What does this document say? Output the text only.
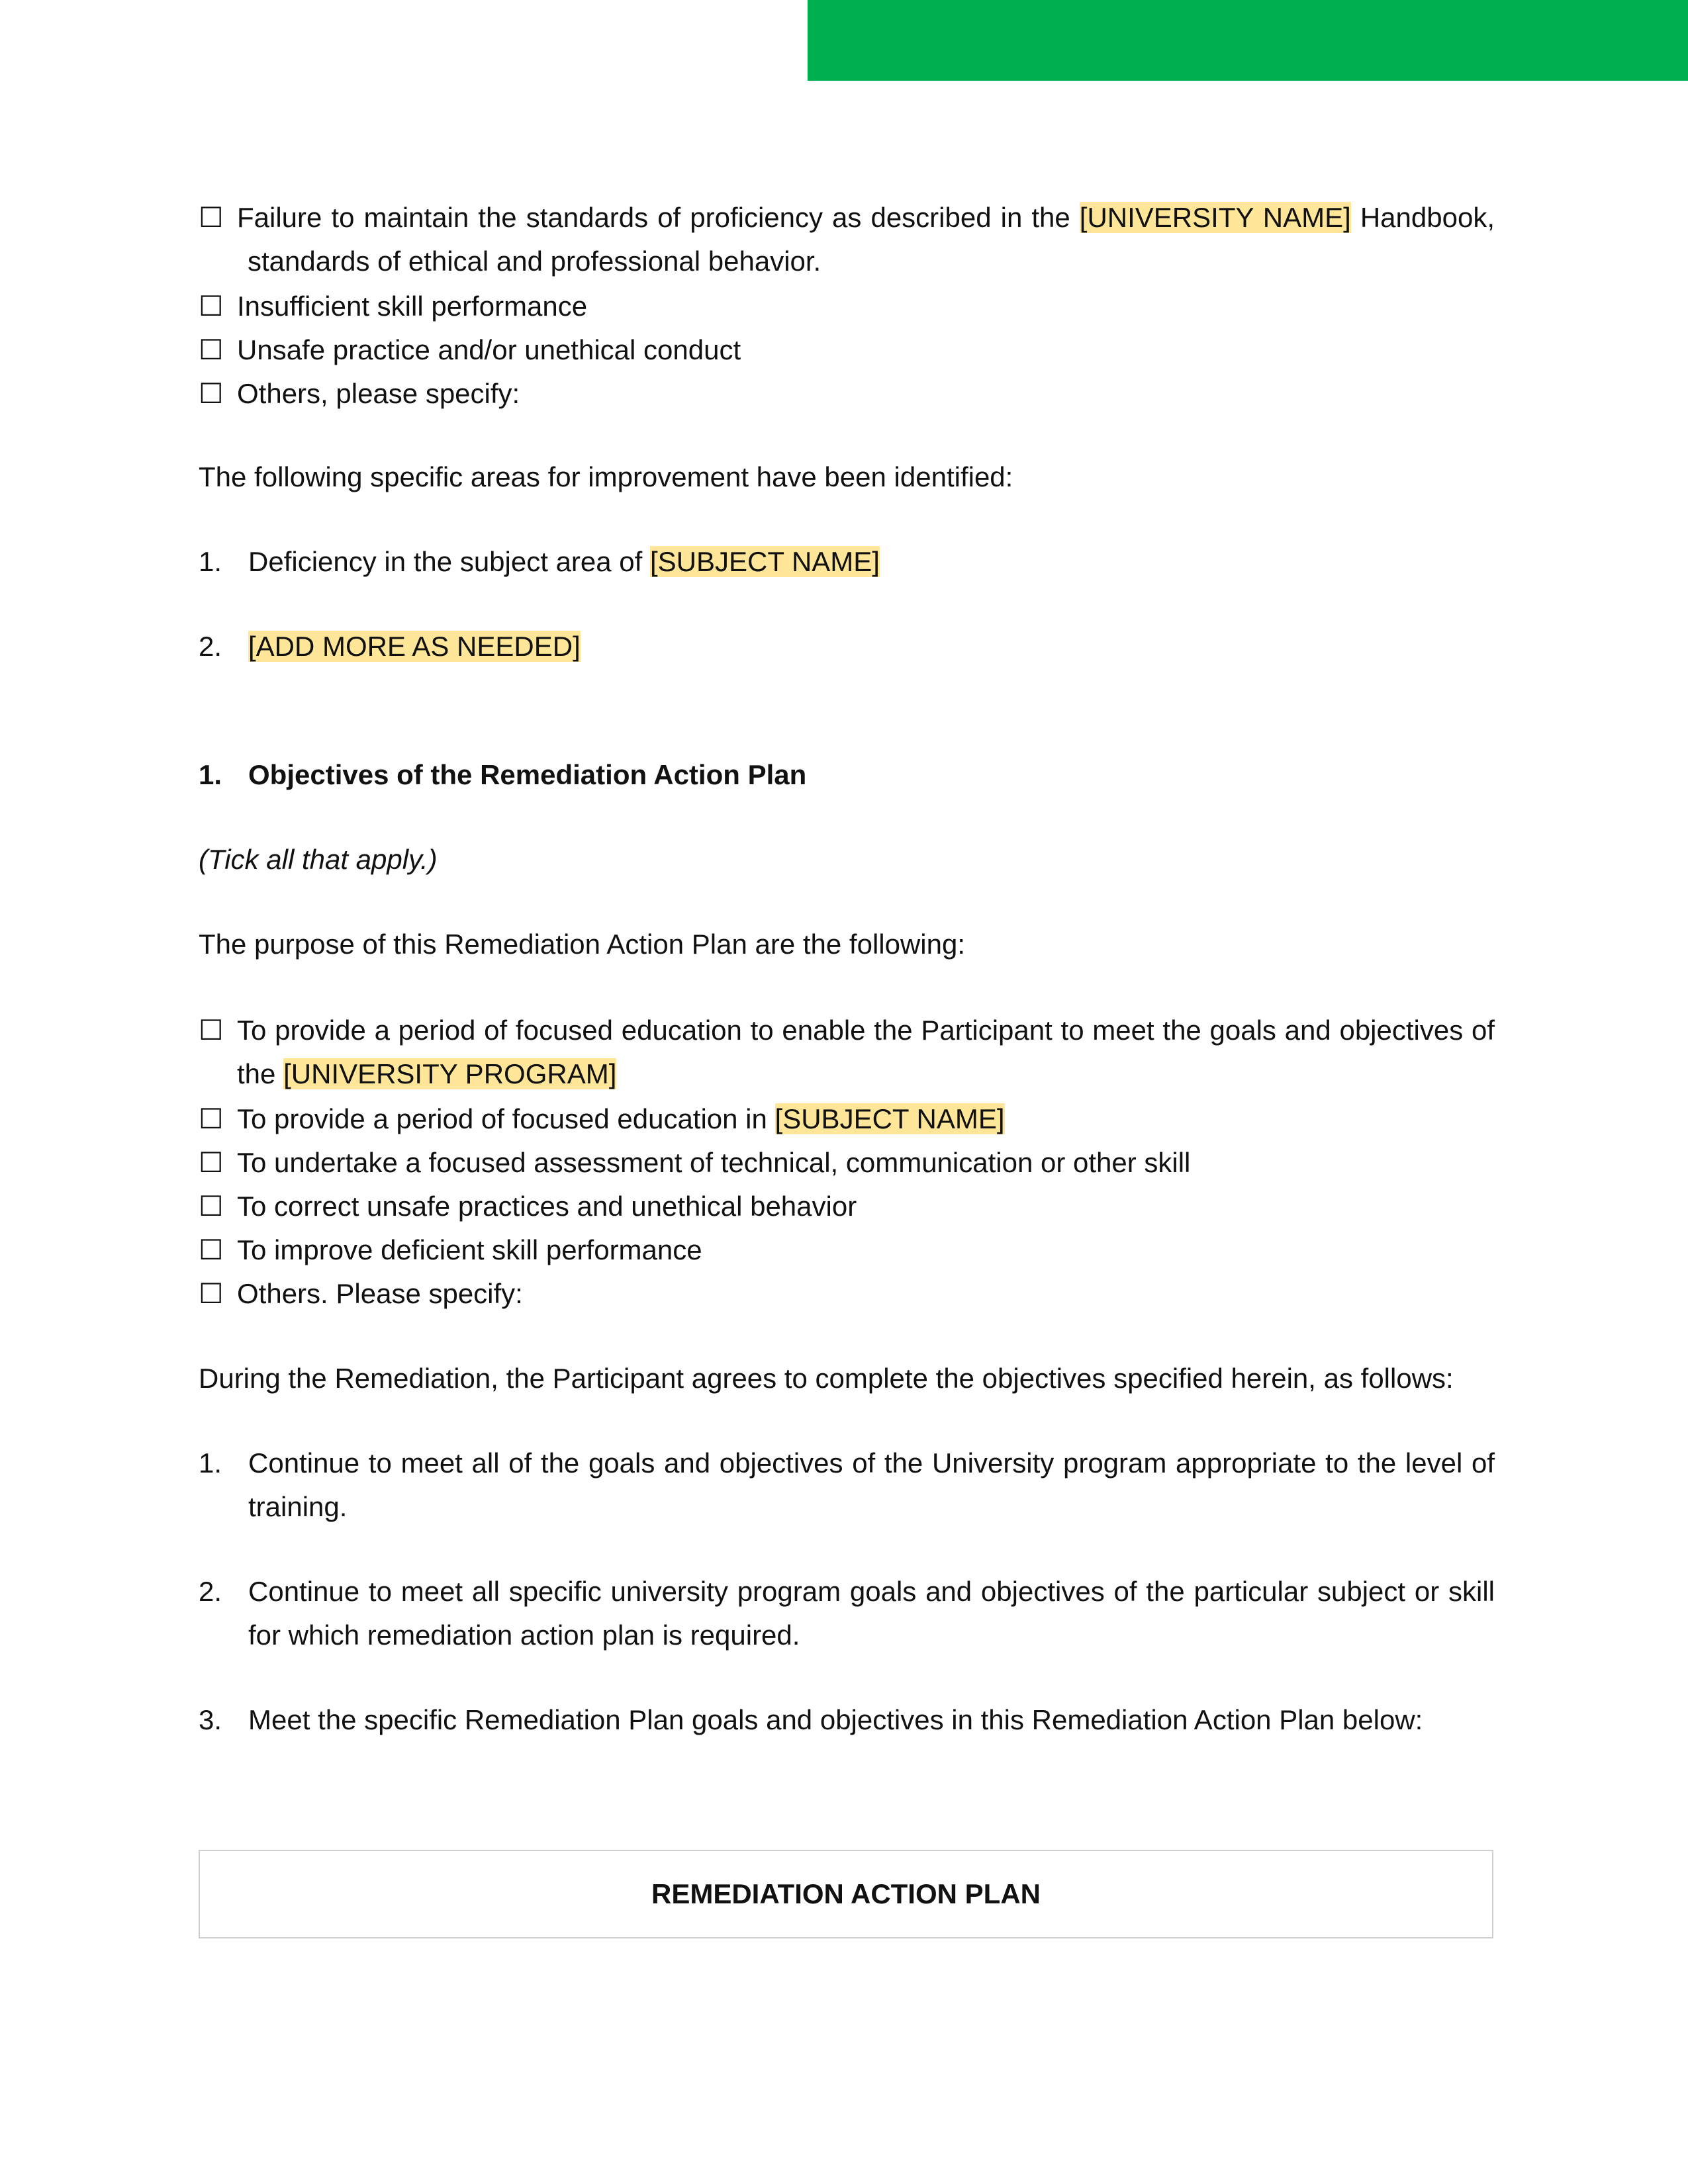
☐ Failure to maintain the standards of proficiency as described in the [UNIVERSITY NAME] Handbook,
standards of ethical and professional behavior.
☐ Insufficient skill performance
☐ Unsafe practice and/or unethical conduct
☐ Others, please specify:
The following specific areas for improvement have been identified:
1. Deficiency in the subject area of [SUBJECT NAME]
2. [ADD MORE AS NEEDED]
1. Objectives of the Remediation Action Plan
(Tick all that apply.)
The purpose of this Remediation Action Plan are the following:
☐ To provide a period of focused education to enable the Participant to meet the goals and objectives of
the [UNIVERSITY PROGRAM]
☐ To provide a period of focused education in [SUBJECT NAME]
☐ To undertake a focused assessment of technical, communication or other skill
☐ To correct unsafe practices and unethical behavior
☐ To improve deficient skill performance
☐ Others. Please specify:
During the Remediation, the Participant agrees to complete the objectives specified herein, as follows:
1. Continue to meet all of the goals and objectives of the University program appropriate to the level of
training.
2. Continue to meet all specific university program goals and objectives of the particular subject or skill
for which remediation action plan is required.
3. Meet the specific Remediation Plan goals and objectives in this Remediation Action Plan below:
REMEDIATION ACTION PLAN
